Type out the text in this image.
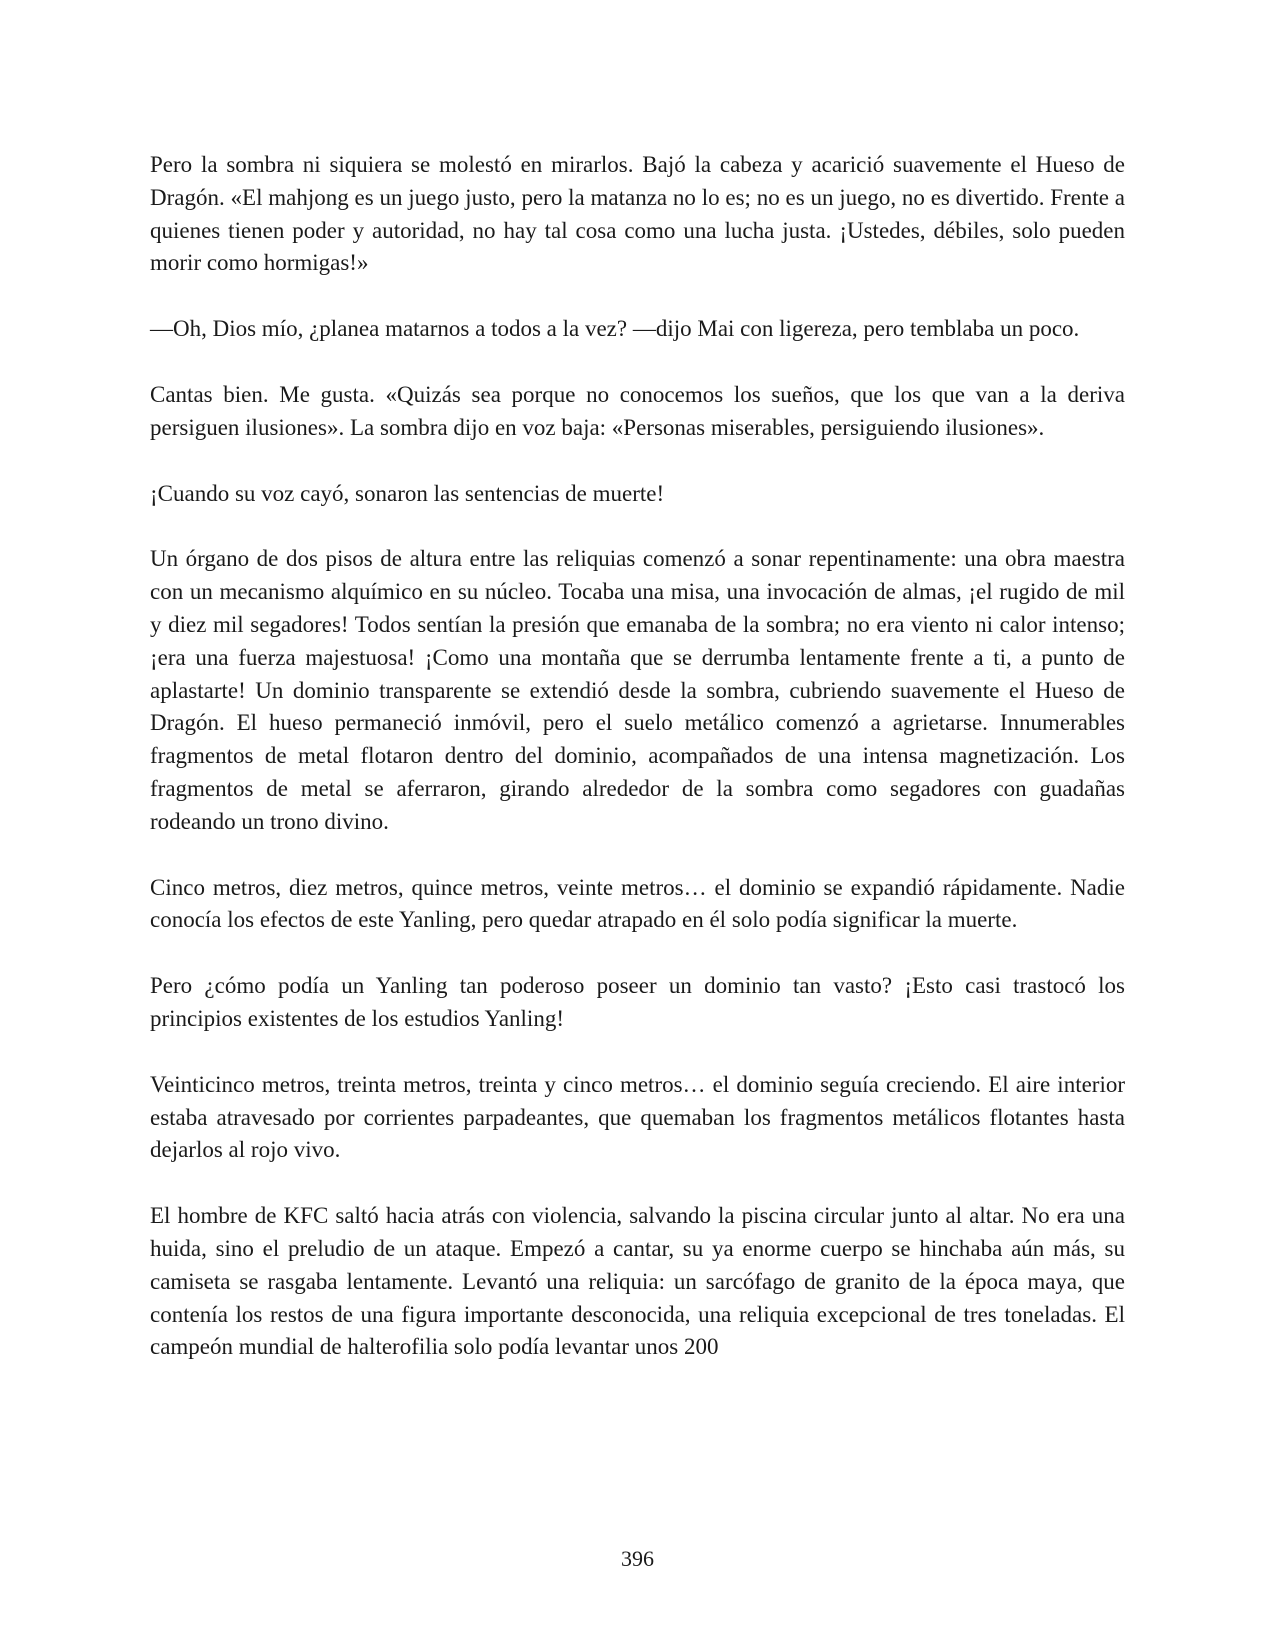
Pero la sombra ni siquiera se molestó en mirarlos. Bajó la cabeza y acarició suavemente el Hueso de Dragón. «El mahjong es un juego justo, pero la matanza no lo es; no es un juego, no es divertido. Frente a quienes tienen poder y autoridad, no hay tal cosa como una lucha justa. ¡Ustedes, débiles, solo pueden morir como hormigas!»

—Oh, Dios mío, ¿planea matarnos a todos a la vez? —dijo Mai con ligereza, pero temblaba un poco.

Cantas bien. Me gusta. «Quizás sea porque no conocemos los sueños, que los que van a la deriva persiguen ilusiones». La sombra dijo en voz baja: «Personas miserables, persiguiendo ilusiones».

¡Cuando su voz cayó, sonaron las sentencias de muerte!

Un órgano de dos pisos de altura entre las reliquias comenzó a sonar repentinamente: una obra maestra con un mecanismo alquímico en su núcleo. Tocaba una misa, una invocación de almas, ¡el rugido de mil y diez mil segadores! Todos sentían la presión que emanaba de la sombra; no era viento ni calor intenso; ¡era una fuerza majestuosa! ¡Como una montaña que se derrumba lentamente frente a ti, a punto de aplastarte! Un dominio transparente se extendió desde la sombra, cubriendo suavemente el Hueso de Dragón. El hueso permaneció inmóvil, pero el suelo metálico comenzó a agrietarse. Innumerables fragmentos de metal flotaron dentro del dominio, acompañados de una intensa magnetización. Los fragmentos de metal se aferraron, girando alrededor de la sombra como segadores con guadañas rodeando un trono divino.

Cinco metros, diez metros, quince metros, veinte metros… el dominio se expandió rápidamente. Nadie conocía los efectos de este Yanling, pero quedar atrapado en él solo podía significar la muerte.

Pero ¿cómo podía un Yanling tan poderoso poseer un dominio tan vasto? ¡Esto casi trastocó los principios existentes de los estudios Yanling!

Veinticinco metros, treinta metros, treinta y cinco metros… el dominio seguía creciendo. El aire interior estaba atravesado por corrientes parpadeantes, que quemaban los fragmentos metálicos flotantes hasta dejarlos al rojo vivo.

El hombre de KFC saltó hacia atrás con violencia, salvando la piscina circular junto al altar. No era una huida, sino el preludio de un ataque. Empezó a cantar, su ya enorme cuerpo se hinchaba aún más, su camiseta se rasgaba lentamente. Levantó una reliquia: un sarcófago de granito de la época maya, que contenía los restos de una figura importante desconocida, una reliquia excepcional de tres toneladas. El campeón mundial de halterofilia solo podía levantar unos 200

396
